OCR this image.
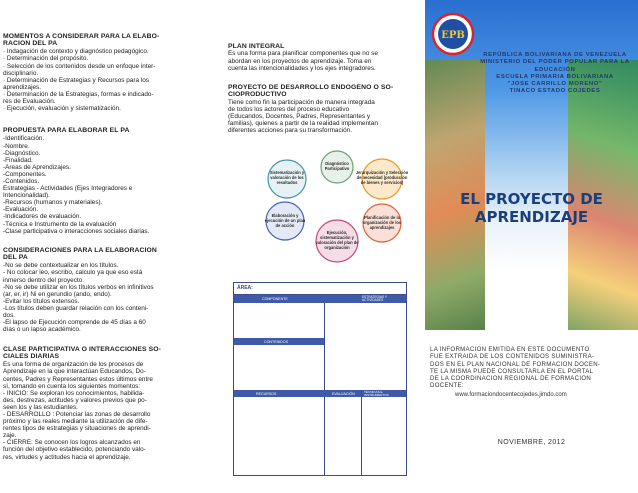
MOMENTOS A CONSIDERAR PARA LA ELABO-
RACIÓN DEL PA

· Indagación de contexto y diagnóstico pedagógico.
· Determinación del propósito.
· Selección de los contenidos desde un enfoque inter-
disciplinario.
· Determinación de Estrategias y Recursos para los
aprendizajes.
· Determinación de la Estrategias, formas e indicado-
res de Evaluación.
· Ejecución, evaluación y sistematización.

PROPUESTA PARA ELABORAR EL PA

-Identificación.
-Nombre.
-Diagnóstico.
-Finalidad.
-Áreas de Aprendizajes.
-Componentes.
-Contenidos.
Estrategias - Actividades (Ejes Integradores e
Intencionalidad).
-Recursos (humanos y materiales).
-Evaluación.
-Indicadores de evaluación.
-Técnica e Instrumento de la evaluación
-Clase participativa o interacciones sociales diarias.

CONSIDERACIONES PARA LA ELABORACION
DEL PA

-No se debe contextualizar en los títulos.
- No colocar leo, escribo, calculo ya que eso está
inmerso dentro del proyecto.
-No se debe utilizar en los títulos verbos en infinitivos
(ar, er, ir) Ni en gerundio (ando, endo).
-Evitar los títulos extensos.
-Los títulos deben guardar relación con los conteni-
dos.
-El lapso de Ejecución comprende de 45 días a 60
días o un lapso académico.

CLASE PARTICIPATIVA O INTERACCIONES SO-
CIALES DIARIAS

Es una forma de organización de los procesos de
Aprendizaje en la que interactúan Educandos, Do-
centes, Padres y Representantes estos últimos entre
sí, tomando en cuenta los siguientes momentos:
- INICIO: Se exploran los conocimientos, habilida-
des, destrezas, actitudes y valores previos que po-
seen los y las estudiantes.
- DESARROLLO : Potenciar las zonas de desarrollo
próximo y las reales mediante la utilización de dife-
rentes tipos de estrategias y situaciones de aprendi-
zaje.
- CIERRE: Se conocen los logros alcanzados en
función del objetivo establecido, potenciando valo-
res, virtudes y actitudes hacia el aprendizaje.

PLAN INTEGRAL

Es una forma para planificar componentes que no se
abordan en los proyectos de aprendizaje. Toma en
cuenta las intencionalidades y los ejes integradores.

PROYECTO DE DESARROLLO ENDOGENO O SO-
CIOPRODUCTIVO

Tiene como fin la participación de manera integrada
de todos los actores del proceso educativo
(Educandos, Docentes, Padres, Representantes y
familias), quienes a partir de la realidad implementan
diferentes acciones para su transformación.

Diagnóstico
Participativo
Jerarquización y Selección
de necesidad (producción
de bienes y servicios)
Planificación de la
organización de los
aprendizajes
Ejecución,
sistematización y
valoración del plan de
organización
Elaboración y
ejecución de un plan
de acción
Sistematización y
valoración de los
resultados
ÁREA:
COMPONENTE	ESTRATEGIAS Y ACTIVIDADES
CONTENIDOS
RECURSOS	EVALUACIÓN	TÉCNICAS E INSTRUMENTOS
EPB
REPÚBLICA BOLIVARIANA DE VENEZUELA
MINISTERIO DEL PODER POPULAR PARA LA
EDUCACIÓN
ESCUELA PRIMARIA BOLIVARIANA
"JOSE CARRILLO MORENO"
TINACO ESTADO COJEDES
EL PROYECTO DE
APRENDIZAJE
LA INFORMACION EMITIDA EN ESTE DOCUMENTO
FUE EXTRAIDA DE LOS CONTENIDOS SUMINISTRA-
DOS EN EL PLAN NACIONAL DE FORMACION DOCEN-
TE LA MISMA PUEDE CONSULTARLA EN EL PORTAL
DE LA COORDINACION REGIONAL DE FORMACION
DOCENTE:
www.formaciondocentecojedes.jimdo.com
NOVIEMBRE, 2012
